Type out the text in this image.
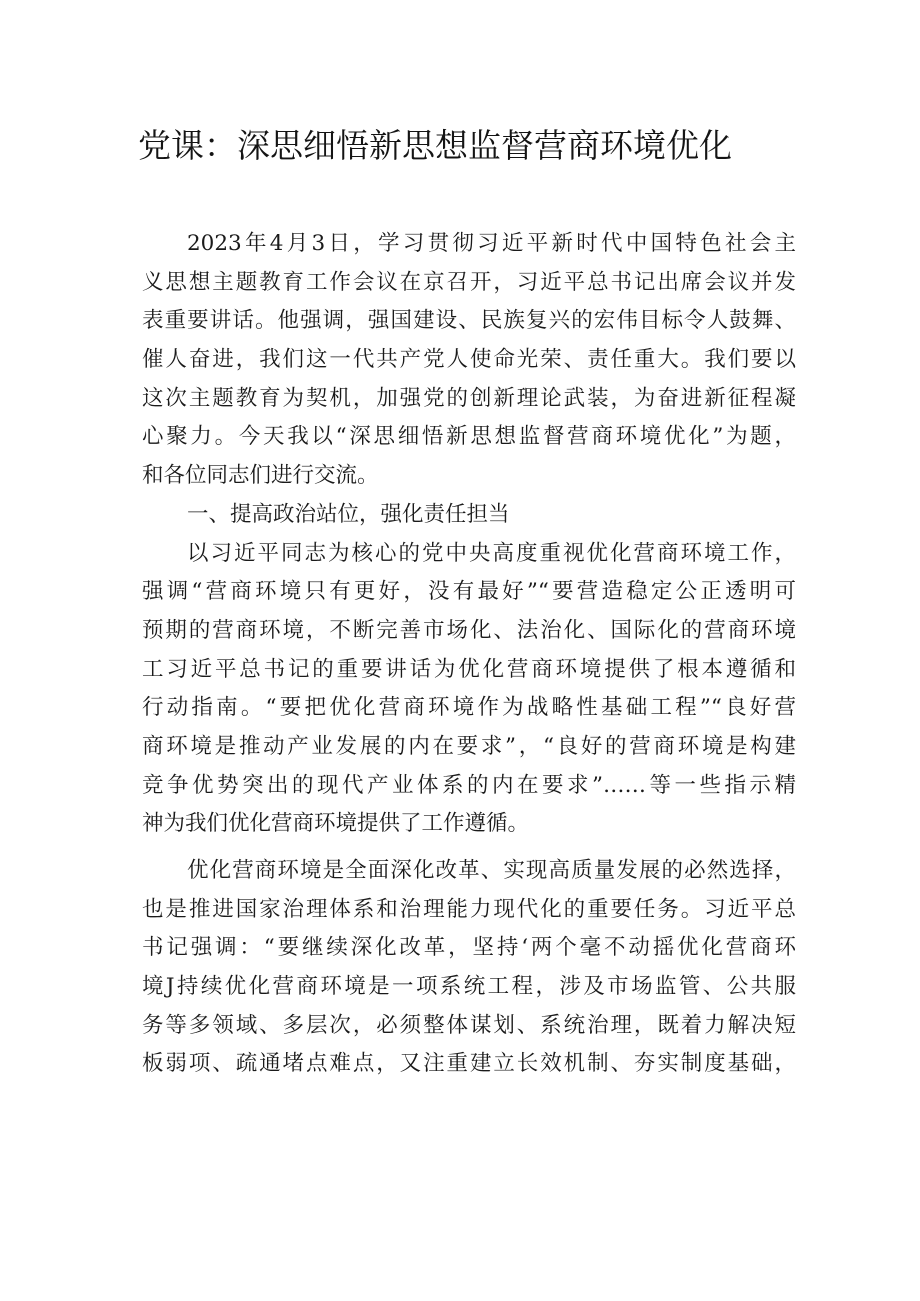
党课：深思细悟新思想监督营商环境优化
2023年4月3日，学习贯彻习近平新时代中国特色社会主
义思想主题教育工作会议在京召开，习近平总书记出席会议并发
表重要讲话。他强调，强国建设、民族复兴的宏伟目标令人鼓舞、
催人奋进，我们这一代共产党人使命光荣、责任重大。我们要以
这次主题教育为契机，加强党的创新理论武装，为奋进新征程凝
心聚力。今天我以“深思细悟新思想监督营商环境优化”为题，
和各位同志们进行交流。
一、提高政治站位，强化责任担当
以习近平同志为核心的党中央高度重视优化营商环境工作，
强调“营商环境只有更好，没有最好”“要营造稳定公正透明可
预期的营商环境，不断完善市场化、法治化、国际化的营商环境
工习近平总书记的重要讲话为优化营商环境提供了根本遵循和
行动指南。“要把优化营商环境作为战略性基础工程”“良好营
商环境是推动产业发展的内在要求”，“良好的营商环境是构建
竞争优势突出的现代产业体系的内在要求”……等一些指示精
神为我们优化营商环境提供了工作遵循。
优化营商环境是全面深化改革、实现高质量发展的必然选择，
也是推进国家治理体系和治理能力现代化的重要任务。习近平总
书记强调：“要继续深化改革，坚持‘两个毫不动摇优化营商环
境J持续优化营商环境是一项系统工程，涉及市场监管、公共服
务等多领域、多层次，必须整体谋划、系统治理，既着力解决短
板弱项、疏通堵点难点，又注重建立长效机制、夯实制度基础，
